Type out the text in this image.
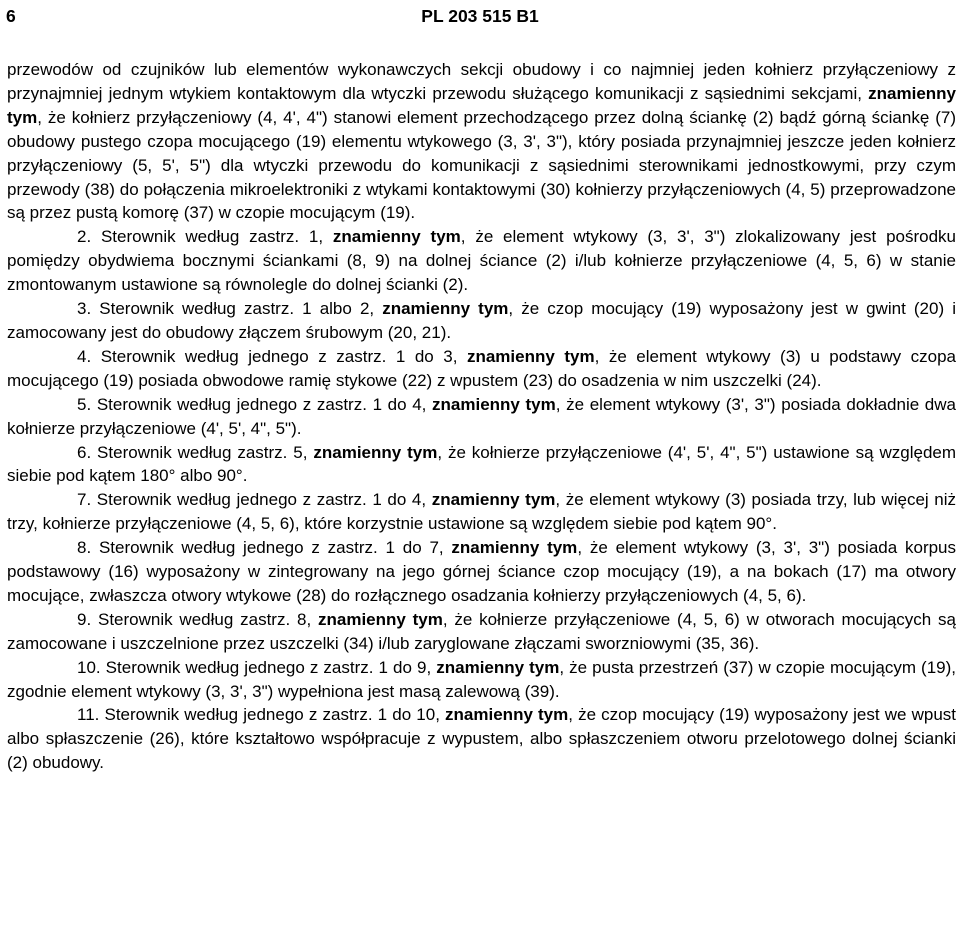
6	PL 203 515 B1

przewodów od czujników lub elementów wykonawczych sekcji obudowy i co najmniej jeden kołnierz przyłączeniowy z przynajmniej jednym wtykiem kontaktowym dla wtyczki przewodu służącego komunikacji z sąsiednimi sekcjami, znamienny tym, że kołnierz przyłączeniowy (4, 4', 4") stanowi element przechodzącego przez dolną ściankę (2) bądź górną ściankę (7) obudowy pustego czopa mocującego (19) elementu wtykowego (3, 3', 3"), który posiada przynajmniej jeszcze jeden kołnierz przyłączeniowy (5, 5', 5") dla wtyczki przewodu do komunikacji z sąsiednimi sterownikami jednostkowymi, przy czym przewody (38) do połączenia mikroelektroniki z wtykami kontaktowymi (30) kołnierzy przyłączeniowych (4, 5) przeprowadzone są przez pustą komorę (37) w czopie mocującym (19).

2. Sterownik według zastrz. 1, znamienny tym, że element wtykowy (3, 3', 3") zlokalizowany jest pośrodku pomiędzy obydwiema bocznymi ściankami (8, 9) na dolnej ściance (2) i/lub kołnierze przyłączeniowe (4, 5, 6) w stanie zmontowanym ustawione są równolegle do dolnej ścianki (2).

3. Sterownik według zastrz. 1 albo 2, znamienny tym, że czop mocujący (19) wyposażony jest w gwint (20) i zamocowany jest do obudowy złączem śrubowym (20, 21).

4. Sterownik według jednego z zastrz. 1 do 3, znamienny tym, że element wtykowy (3) u podstawy czopa mocującego (19) posiada obwodowe ramię stykowe (22) z wpustem (23) do osadzenia w nim uszczelki (24).

5. Sterownik według jednego z zastrz. 1 do 4, znamienny tym, że element wtykowy (3', 3") posiada dokładnie dwa kołnierze przyłączeniowe (4', 5', 4", 5").

6. Sterownik według zastrz. 5, znamienny tym, że kołnierze przyłączeniowe (4', 5', 4", 5") ustawione są względem siebie pod kątem 180° albo 90°.

7. Sterownik według jednego z zastrz. 1 do 4, znamienny tym, że element wtykowy (3) posiada trzy, lub więcej niż trzy, kołnierze przyłączeniowe (4, 5, 6), które korzystnie ustawione są względem siebie pod kątem 90°.

8. Sterownik według jednego z zastrz. 1 do 7, znamienny tym, że element wtykowy (3, 3', 3") posiada korpus podstawowy (16) wyposażony w zintegrowany na jego górnej ściance czop mocujący (19), a na bokach (17) ma otwory mocujące, zwłaszcza otwory wtykowe (28) do rozłącznego osadzania kołnierzy przyłączeniowych (4, 5, 6).

9. Sterownik według zastrz. 8, znamienny tym, że kołnierze przyłączeniowe (4, 5, 6) w otworach mocujących są zamocowane i uszczelnione przez uszczelki (34) i/lub zaryglowane złączami sworzniowymi (35, 36).

10. Sterownik według jednego z zastrz. 1 do 9, znamienny tym, że pusta przestrzeń (37) w czopie mocującym (19), zgodnie element wtykowy (3, 3', 3") wypełniona jest masą zalewową (39).

11. Sterownik według jednego z zastrz. 1 do 10, znamienny tym, że czop mocujący (19) wyposażony jest we wpust albo spłaszczenie (26), które kształtowo współpracuje z wypustem, albo spłaszczeniem otworu przelotowego dolnej ścianki (2) obudowy.
